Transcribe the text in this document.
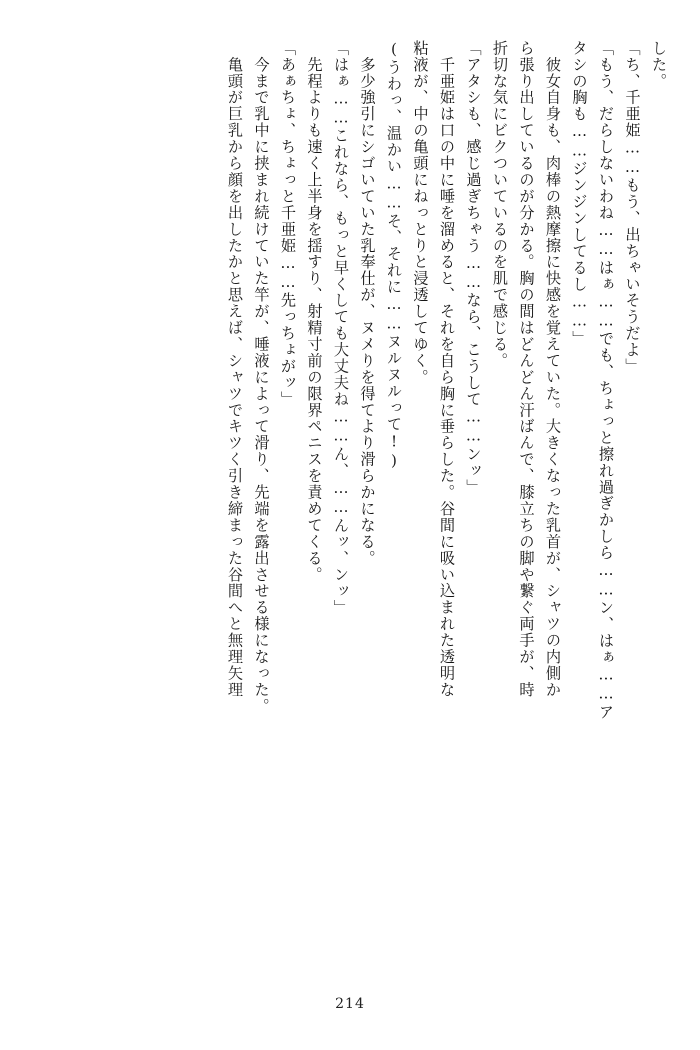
した。
「ち、千亜姫……もう、出ちゃいそうだよ」
「もう、だらしないわね……はぁ……でも、ちょっと擦れ過ぎかしら……ン、はぁ……ア
タシの胸も……ジンジンしてるし……」
　彼女自身も、肉棒の熱摩擦に快感を覚えていた。大きくなった乳首が、シャツの内側か
ら張り出しているのが分かる。胸の間はどんどん汗ばんで、膝立ちの脚や繋ぐ両手が、時
折切な気にビクついているのを肌で感じる。
「アタシも、感じ過ぎちゃう……なら、こうして……ンッ」
　千亜姫は口の中に唾を溜めると、それを自ら胸に垂らした。谷間に吸い込まれた透明な
粘液が、中の亀頭にねっとりと浸透してゆく。
(うわっ、温かい……そ、それに……ヌルヌルって!)
　多少強引にシゴいていた乳奉仕が、ヌメりを得てより滑らかになる。
「はぁ……これなら、もっと早くしても大丈夫ね……ん、……んッ、ンッ」
　先程よりも速く上半身を揺すり、射精寸前の限界ペニスを責めてくる。
「あぁちょ、ちょっと千亜姫……先っちょがッ」
　今まで乳中に挟まれ続けていた竿が、唾液によって滑り、先端を露出させる様になった。
　亀頭が巨乳から顔を出したかと思えば、シャツでキツく引き締まった谷間へと無理矢理
214
